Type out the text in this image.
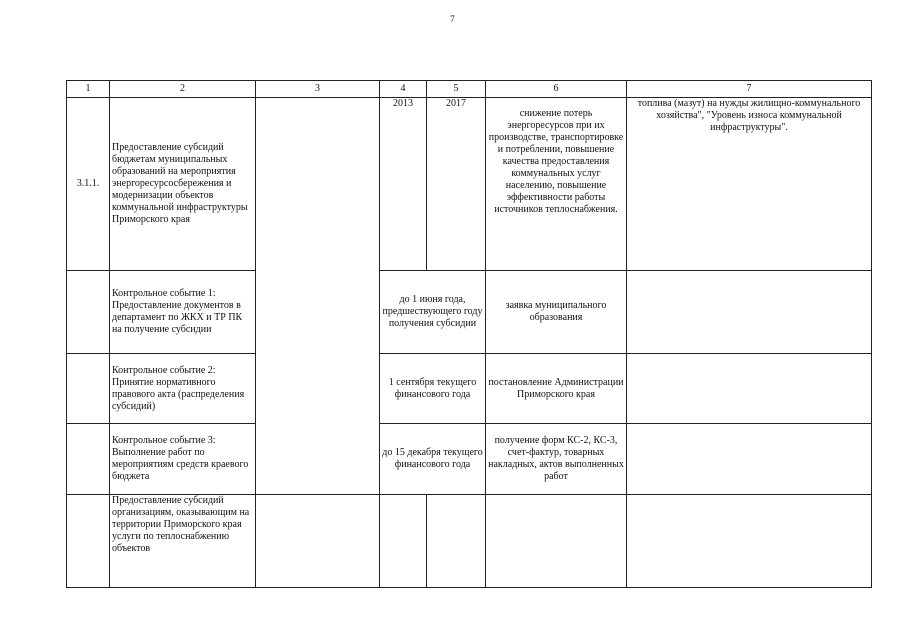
7
1	2	3	4	5	6	7
3.1.1.	Предоставление субсидий бюджетам муниципальных образований на мероприятия энергоресурсосбережения и модернизации объектов коммунальной инфраструктуры Приморского края		2013	2017	снижение потерь энергоресурсов при их производстве, транспортировке и потреблении, повышение качества предоставления коммунальных услуг населению, повышение эффективности работы источников теплоснабжения.	топлива (мазут) на нужды жилищно-коммунального хозяйства", "Уровень износа коммунальной инфраструктуры".
	Контрольное событие 1: Предоставление документов в департамент по ЖКХ и ТР ПК на получение субсидии		до 1 июня года, предшествующего году получения субсидии		заявка муниципального образования	
	Контрольное событие 2: Принятие нормативного правового акта (распределения субсидий)		1 сентября текущего финансового года		постановление Администрации Приморского края	
	Контрольное событие 3: Выполнение работ по мероприятиям средств краевого бюджета		до 15 декабря текущего финансового года		получение форм КС-2, КС-3, счет-фактур, товарных накладных, актов выполненных работ	
	Предоставление субсидий организациям, оказывающим на территории Приморского края услуги по теплоснабжению объектов					
